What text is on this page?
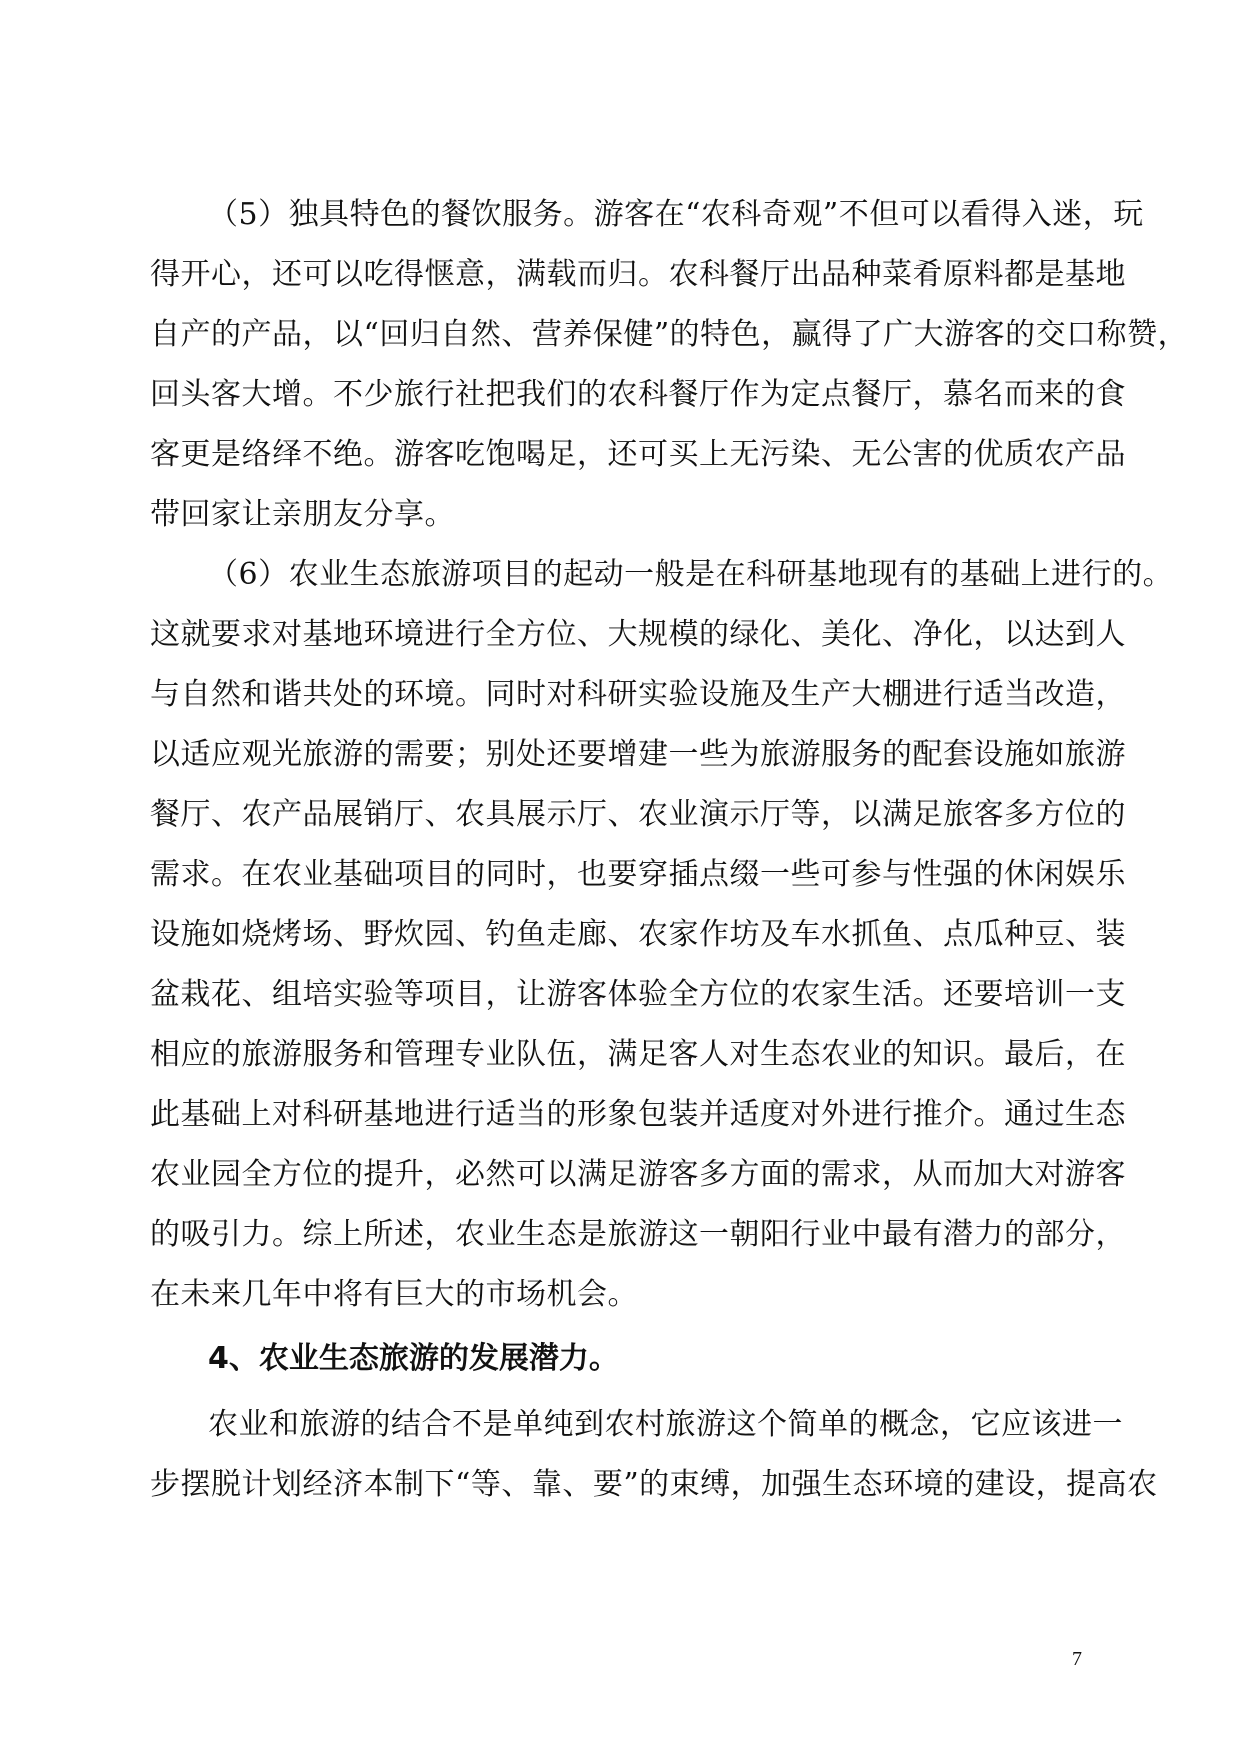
（5）独具特色的餐饮服务。游客在“农科奇观”不但可以看得入迷，玩
得开心，还可以吃得惬意，满载而归。农科餐厅出品种菜肴原料都是基地
自产的产品，以“回归自然、营养保健”的特色，赢得了广大游客的交口称赞，
回头客大增。不少旅行社把我们的农科餐厅作为定点餐厅，慕名而来的食
客更是络绎不绝。游客吃饱喝足，还可买上无污染、无公害的优质农产品
带回家让亲朋友分享。
（6）农业生态旅游项目的起动一般是在科研基地现有的基础上进行的。
这就要求对基地环境进行全方位、大规模的绿化、美化、净化，以达到人
与自然和谐共处的环境。同时对科研实验设施及生产大棚进行适当改造，
以适应观光旅游的需要；别处还要增建一些为旅游服务的配套设施如旅游
餐厅、农产品展销厅、农具展示厅、农业演示厅等，以满足旅客多方位的
需求。在农业基础项目的同时，也要穿插点缀一些可参与性强的休闲娱乐
设施如烧烤场、野炊园、钓鱼走廊、农家作坊及车水抓鱼、点瓜种豆、装
盆栽花、组培实验等项目，让游客体验全方位的农家生活。还要培训一支
相应的旅游服务和管理专业队伍，满足客人对生态农业的知识。最后，在
此基础上对科研基地进行适当的形象包装并适度对外进行推介。通过生态
农业园全方位的提升，必然可以满足游客多方面的需求，从而加大对游客
的吸引力。综上所述，农业生态是旅游这一朝阳行业中最有潜力的部分，
在未来几年中将有巨大的市场机会。
4、农业生态旅游的发展潜力。
农业和旅游的结合不是单纯到农村旅游这个简单的概念，它应该进一
步摆脱计划经济本制下“等、靠、要”的束缚，加强生态环境的建设，提高农
7
